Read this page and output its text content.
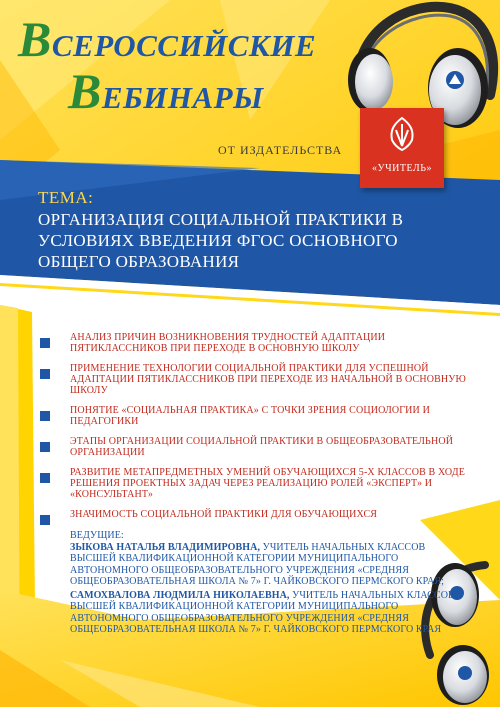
ВСЕРОССИЙСКИЕ
ВЕБИНАРЫ
ОТ ИЗДАТЕЛЬСТВА
«УЧИТЕЛЬ»
ТЕМА:
ОРГАНИЗАЦИЯ СОЦИАЛЬНОЙ ПРАКТИКИ В УСЛОВИЯХ ВВЕДЕНИЯ ФГОС ОСНОВНОГО ОБЩЕГО ОБРАЗОВАНИЯ
АНАЛИЗ ПРИЧИН ВОЗНИКНОВЕНИЯ ТРУДНОСТЕЙ АДАПТАЦИИ ПЯТИКЛАССНИКОВ ПРИ ПЕРЕХОДЕ В ОСНОВНУЮ ШКОЛУ
ПРИМЕНЕНИЕ ТЕХНОЛОГИИ СОЦИАЛЬНОЙ ПРАКТИКИ ДЛЯ УСПЕШНОЙ АДАПТАЦИИ ПЯТИКЛАССНИКОВ ПРИ ПЕРЕХОДЕ ИЗ НАЧАЛЬНОЙ В ОСНОВНУЮ ШКОЛУ
ПОНЯТИЕ «СОЦИАЛЬНАЯ ПРАКТИКА» С ТОЧКИ ЗРЕНИЯ СОЦИОЛОГИИ И ПЕДАГОГИКИ
ЭТАПЫ ОРГАНИЗАЦИИ СОЦИАЛЬНОЙ ПРАКТИКИ В ОБЩЕОБРАЗОВАТЕЛЬНОЙ ОРГАНИЗАЦИИ
РАЗВИТИЕ МЕТАПРЕДМЕТНЫХ УМЕНИЙ ОБУЧАЮЩИХСЯ 5-Х КЛАССОВ В ХОДЕ РЕШЕНИЯ ПРОЕКТНЫХ ЗАДАЧ ЧЕРЕЗ РЕАЛИЗАЦИЮ РОЛЕЙ «ЭКСПЕРТ» И «КОНСУЛЬТАНТ»
ЗНАЧИМОСТЬ СОЦИАЛЬНОЙ ПРАКТИКИ ДЛЯ ОБУЧАЮЩИХСЯ
ВЕДУЩИЕ:
ЗЫКОВА НАТАЛЬЯ ВЛАДИМИРОВНА, УЧИТЕЛЬ НАЧАЛЬНЫХ КЛАССОВ ВЫСШЕЙ КВАЛИФИКАЦИОННОЙ КАТЕГОРИИ МУНИЦИПАЛЬНОГО АВТОНОМНОГО ОБЩЕОБРАЗОВАТЕЛЬНОГО УЧРЕЖДЕНИЯ «СРЕДНЯЯ ОБЩЕОБРАЗОВАТЕЛЬНАЯ ШКОЛА № 7» Г. ЧАЙКОВСКОГО ПЕРМСКОГО КРАЯ;
САМОХВАЛОВА ЛЮДМИЛА НИКОЛАЕВНА, УЧИТЕЛЬ НАЧАЛЬНЫХ КЛАССОВ ВЫСШЕЙ КВАЛИФИКАЦИОННОЙ КАТЕГОРИИ МУНИЦИПАЛЬНОГО АВТОНОМНОГО ОБЩЕОБРАЗОВАТЕЛЬНОГО УЧРЕЖДЕНИЯ «СРЕДНЯЯ ОБЩЕОБРАЗОВАТЕЛЬНАЯ ШКОЛА № 7» Г. ЧАЙКОВСКОГО ПЕРМСКОГО КРАЯ
